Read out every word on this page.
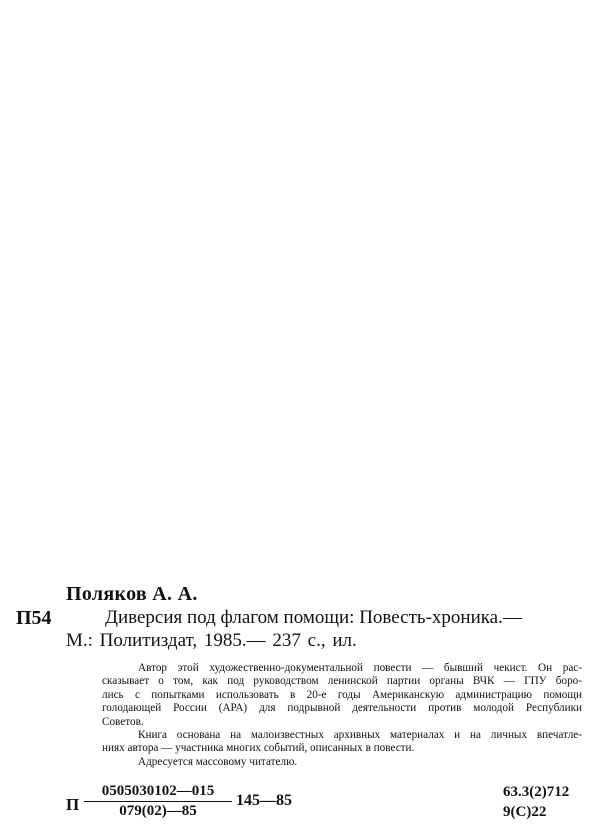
Поляков А. А.
П54	Диверсия под флагом помощи: Повесть-хроника.—
М.: Политиздат, 1985.— 237 с., ил.
Автор этой художественно-документальной повести — бывший чекист. Он рас-
сказывает о том, как под руководством ленинской партии органы ВЧК — ГПУ боро-
лись с попытками использовать в 20-е годы Американскую администрацию помощи
голодающей России (АРА) для подрывной деятельности против молодой Республики
Советов.
Книга основана на малоизвестных архивных материалах и на личных впечатле-
ниях автора — участника многих событий, описанных в повести.
Адресуется массовому читателю.
П $\frac{0505030102—015}{079(02)—85}$ 145—85	63.3(2)712
9(С)22
